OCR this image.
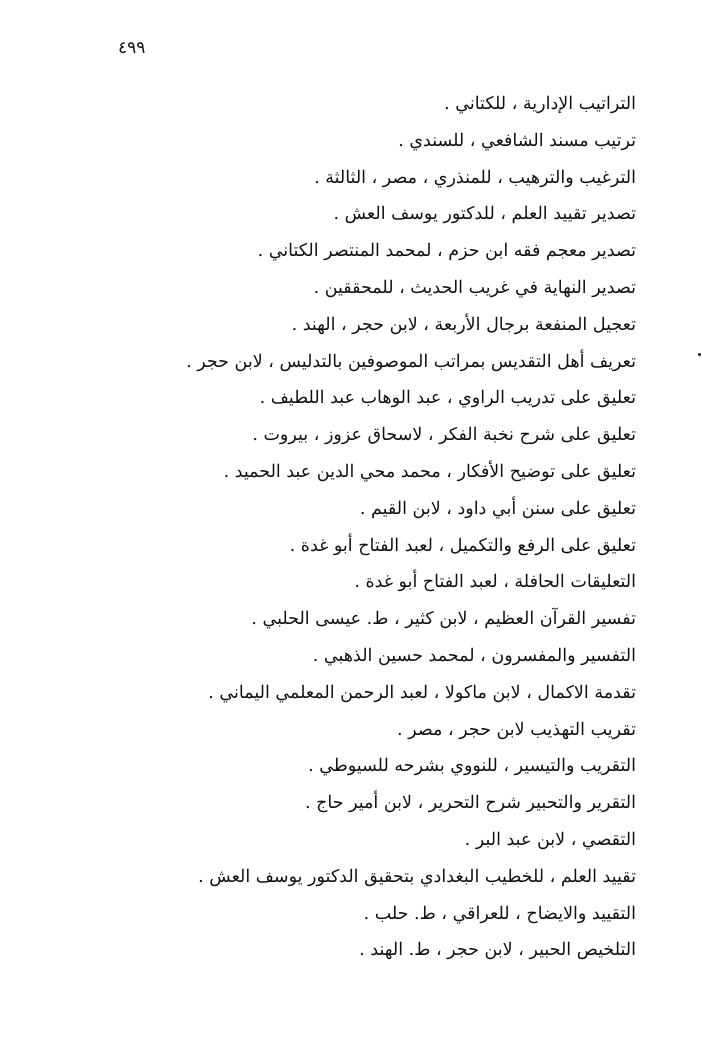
٤٩٩
التراتيب الإدارية ، للكتاني .
ترتيب مسند الشافعي ، للسندي .
الترغيب والترهيب ، للمنذري ، مصر ، الثالثة .
تصدير تقييد العلم ، للدكتور يوسف العش .
تصدير معجم فقه ابن حزم ، لمحمد المنتصر الكتاني .
تصدير النهاية في غريب الحديث ، للمحققين .
تعجيل المنفعة برجال الأربعة ، لابن حجر ، الهند .
تعريف أهل التقديس بمراتب الموصوفين بالتدليس ، لابن حجر .
تعليق على تدريب الراوي ، عبد الوهاب عبد اللطيف .
تعليق على شرح نخبة الفكر ، لاسحاق عزوز ، بيروت .
تعليق على توضيح الأفكار ، محمد محي الدين عبد الحميد .
تعليق على سنن أبي داود ، لابن القيم .
تعليق على الرفع والتكميل ، لعبد الفتاح أبو غدة .
التعليقات الحافلة ، لعبد الفتاح أبو غدة .
تفسير القرآن العظيم ، لابن كثير ، ط. عيسى الحلبي .
التفسير والمفسرون ، لمحمد حسين الذهبي .
تقدمة الاكمال ، لابن ماكولا ، لعبد الرحمن المعلمي اليماني .
تقريب التهذيب لابن حجر ، مصر .
التقريب والتيسير ، للنووي بشرحه للسيوطي .
التقرير والتحبير شرح التحرير ، لابن أمير حاج .
التقصي ، لابن عبد البر .
تقييد العلم ، للخطيب البغدادي بتحقيق الدكتور يوسف العش .
التقييد والايضاح ، للعراقي ، ط. حلب .
التلخيص الحبير ، لابن حجر ، ط. الهند .
